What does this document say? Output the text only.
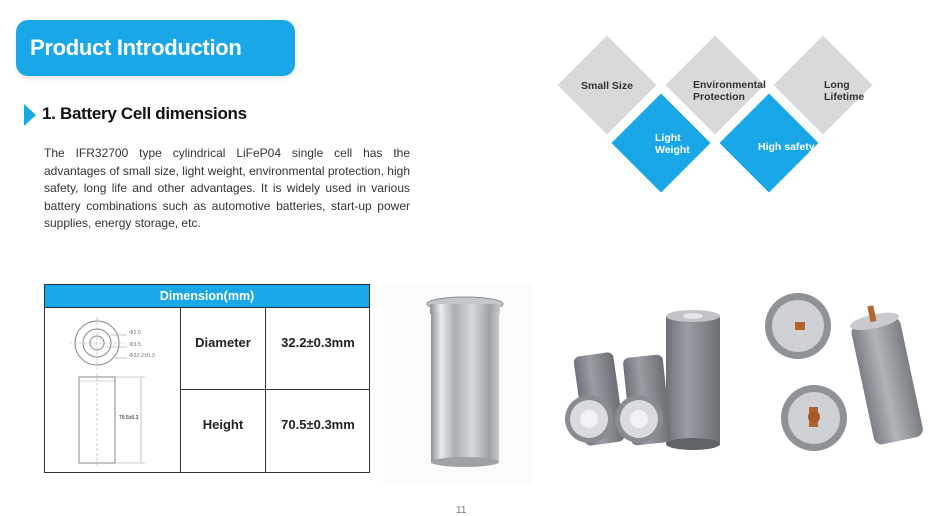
Product Introduction
1. Battery Cell dimensions
The IFR32700 type cylindrical LiFeP04 single cell has the advantages of small size, light weight, environmental protection, high safety, long life and other advantages. It is widely used in various battery combinations such as automotive batteries, start-up power supplies, energy storage, etc.
Small Size	Environmental Protection
Long Lifetime
Light Weight	High safety
Dimension(mm)
Φ2.5
Φ3.5
Φ32.2±0.3
70.5±0.3
Diameter	32.2±0.3mm
Height	70.5±0.3mm
11
